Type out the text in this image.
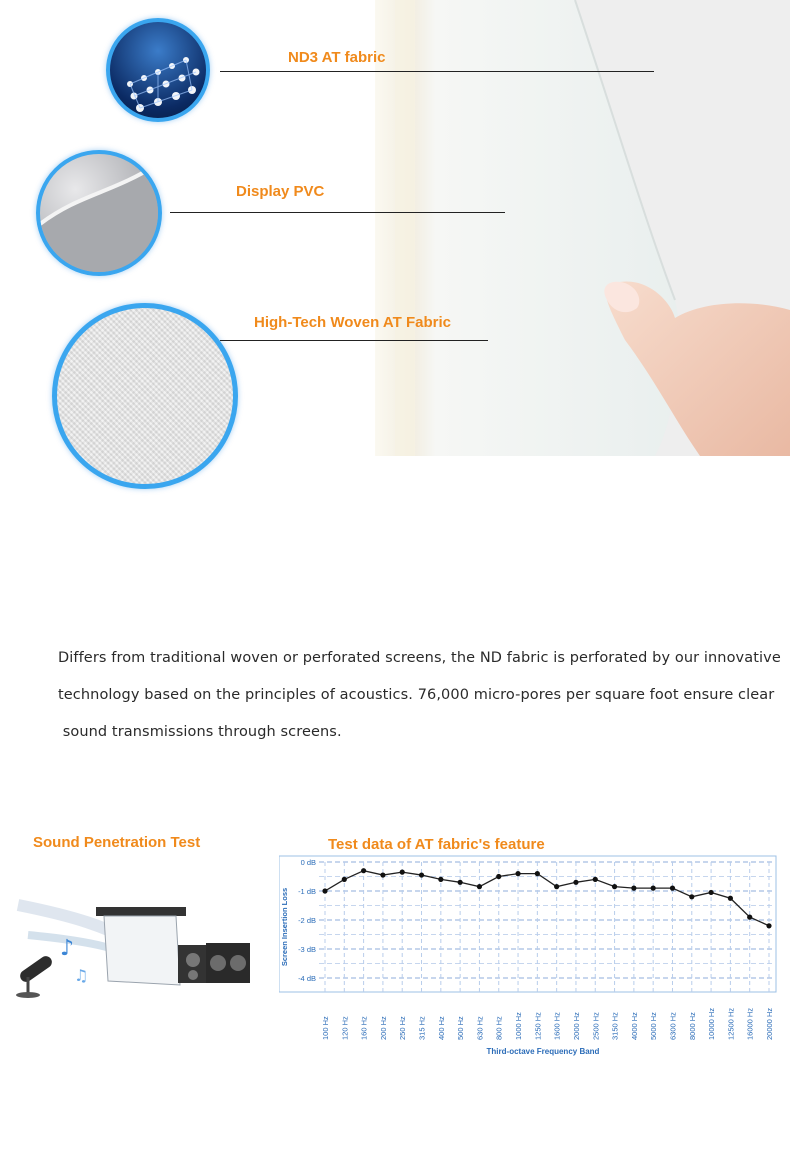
ND3 AT fabric
Display PVC
High-Tech Woven AT Fabric
Differs from traditional woven or perforated screens, the ND fabric is perforated by our innovative
technology based on the principles of acoustics. 76,000 micro-pores per square foot ensure clear
sound transmissions through screens.
Sound Penetration Test
♪
♫
Test data of AT fabric's feature
0 dB
-1 dB
-2 dB
-3 dB
-4 dB
100 Hz 120 Hz 160 Hz 200 Hz 250 Hz 315 Hz 400 Hz 500 Hz 630 Hz 800 Hz 1000 Hz 1250 Hz 1600 Hz 2000 Hz 2500 Hz 3150 Hz 4000 Hz 5000 Hz 6300 Hz 8000 Hz 10000 Hz 12500 Hz 16000 Hz 20000 Hz
Screen Insertion Loss
Third-octave Frequency Band
